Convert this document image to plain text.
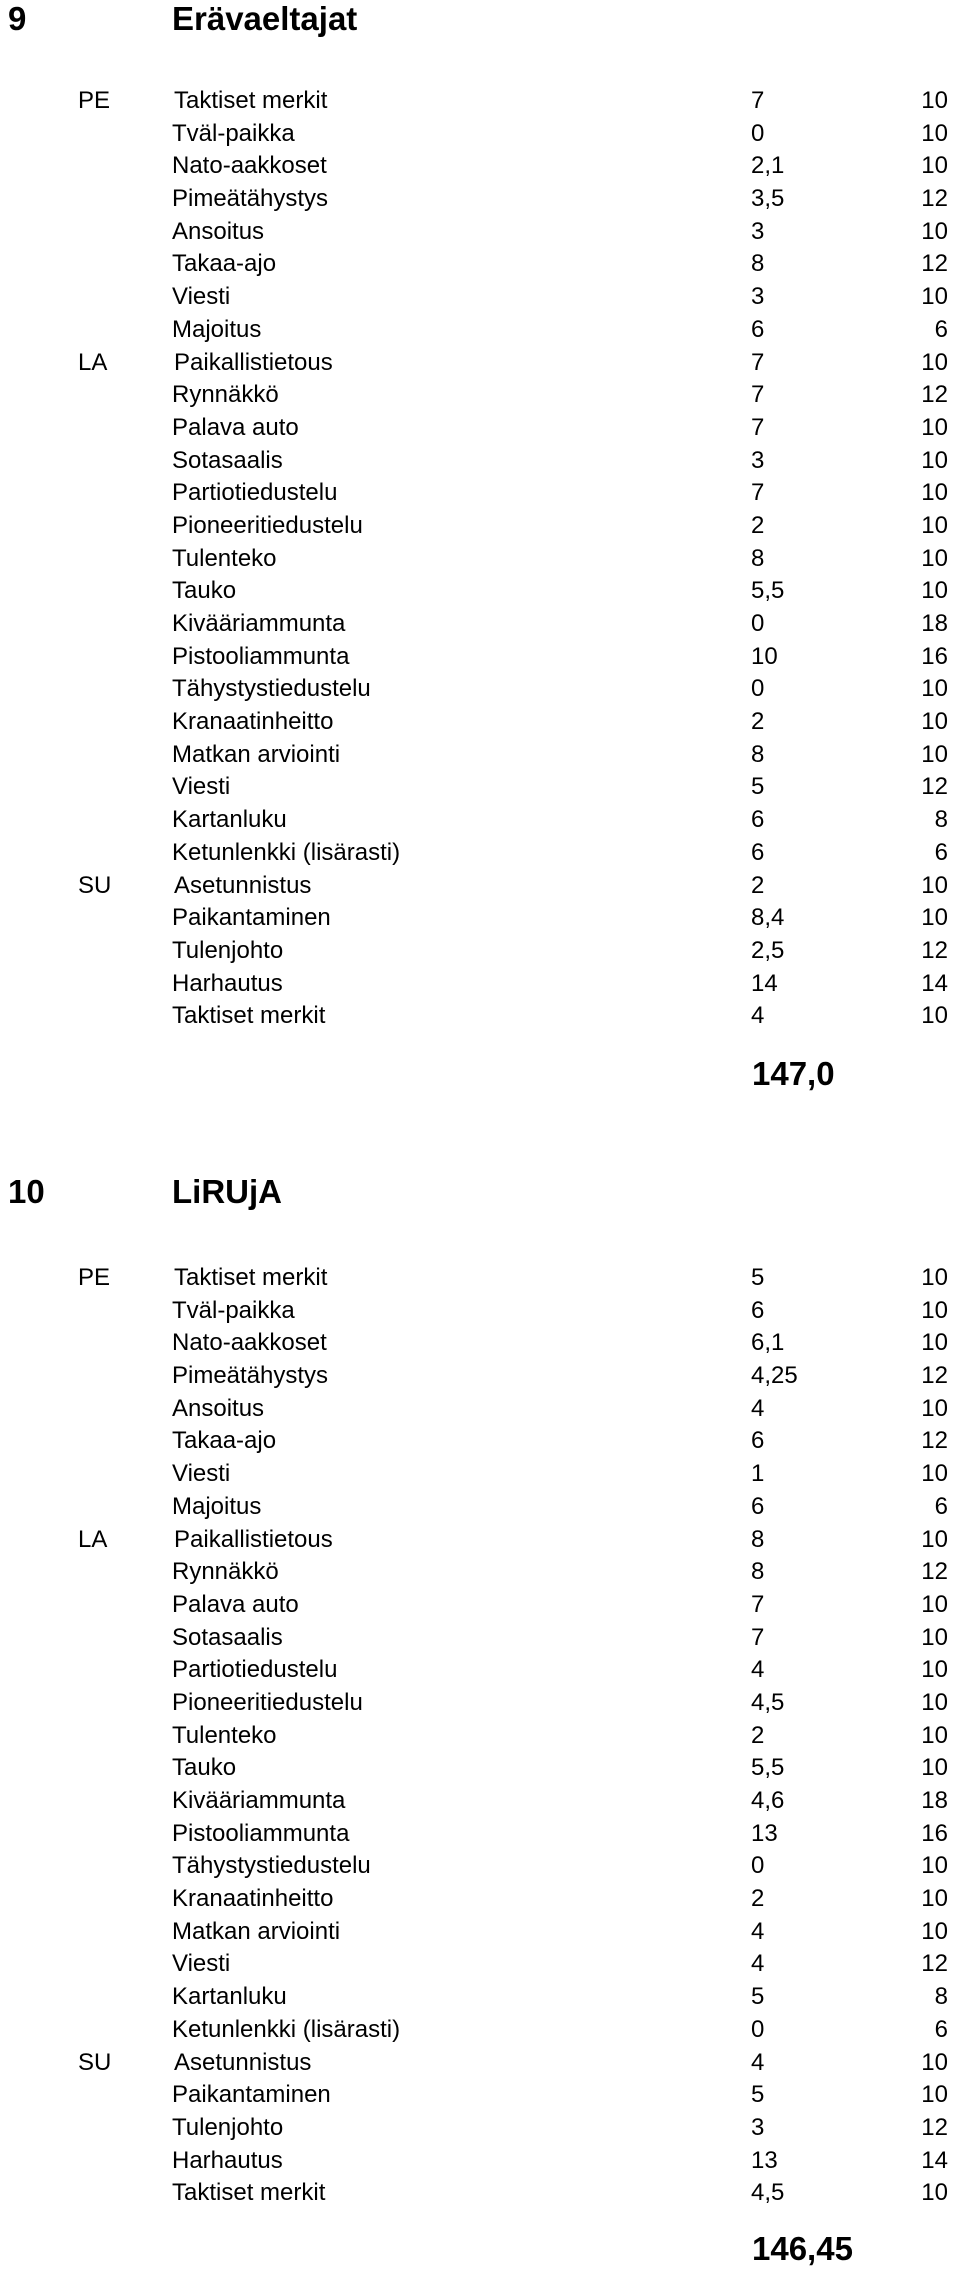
9	Erävaeltajat
PE	Taktiset merkit	7	10
Tväl-paikka	0	10
Nato-aakkoset	2,1	10
Pimeätähystys	3,5	12
Ansoitus	3	10
Takaa-ajo	8	12
Viesti	3	10
Majoitus	6	6
LA	Paikallistietous	7	10
Rynnäkkö	7	12
Palava auto	7	10
Sotasaalis	3	10
Partiotiedustelu	7	10
Pioneeritiedustelu	2	10
Tulenteko	8	10
Tauko	5,5	10
Kivääriammunta	0	18
Pistooliammunta	10	16
Tähystystiedustelu	0	10
Kranaatinheitto	2	10
Matkan arviointi	8	10
Viesti	5	12
Kartanluku	6	8
Ketunlenkki (lisärasti)	6	6
SU	Asetunnistus	2	10
Paikantaminen	8,4	10
Tulenjohto	2,5	12
Harhautus	14	14
Taktiset merkit	4	10
147,0
10	LiRUjA
PE	Taktiset merkit	5	10
Tväl-paikka	6	10
Nato-aakkoset	6,1	10
Pimeätähystys	4,25	12
Ansoitus	4	10
Takaa-ajo	6	12
Viesti	1	10
Majoitus	6	6
LA	Paikallistietous	8	10
Rynnäkkö	8	12
Palava auto	7	10
Sotasaalis	7	10
Partiotiedustelu	4	10
Pioneeritiedustelu	4,5	10
Tulenteko	2	10
Tauko	5,5	10
Kivääriammunta	4,6	18
Pistooliammunta	13	16
Tähystystiedustelu	0	10
Kranaatinheitto	2	10
Matkan arviointi	4	10
Viesti	4	12
Kartanluku	5	8
Ketunlenkki (lisärasti)	0	6
SU	Asetunnistus	4	10
Paikantaminen	5	10
Tulenjohto	3	12
Harhautus	13	14
Taktiset merkit	4,5	10
146,45
